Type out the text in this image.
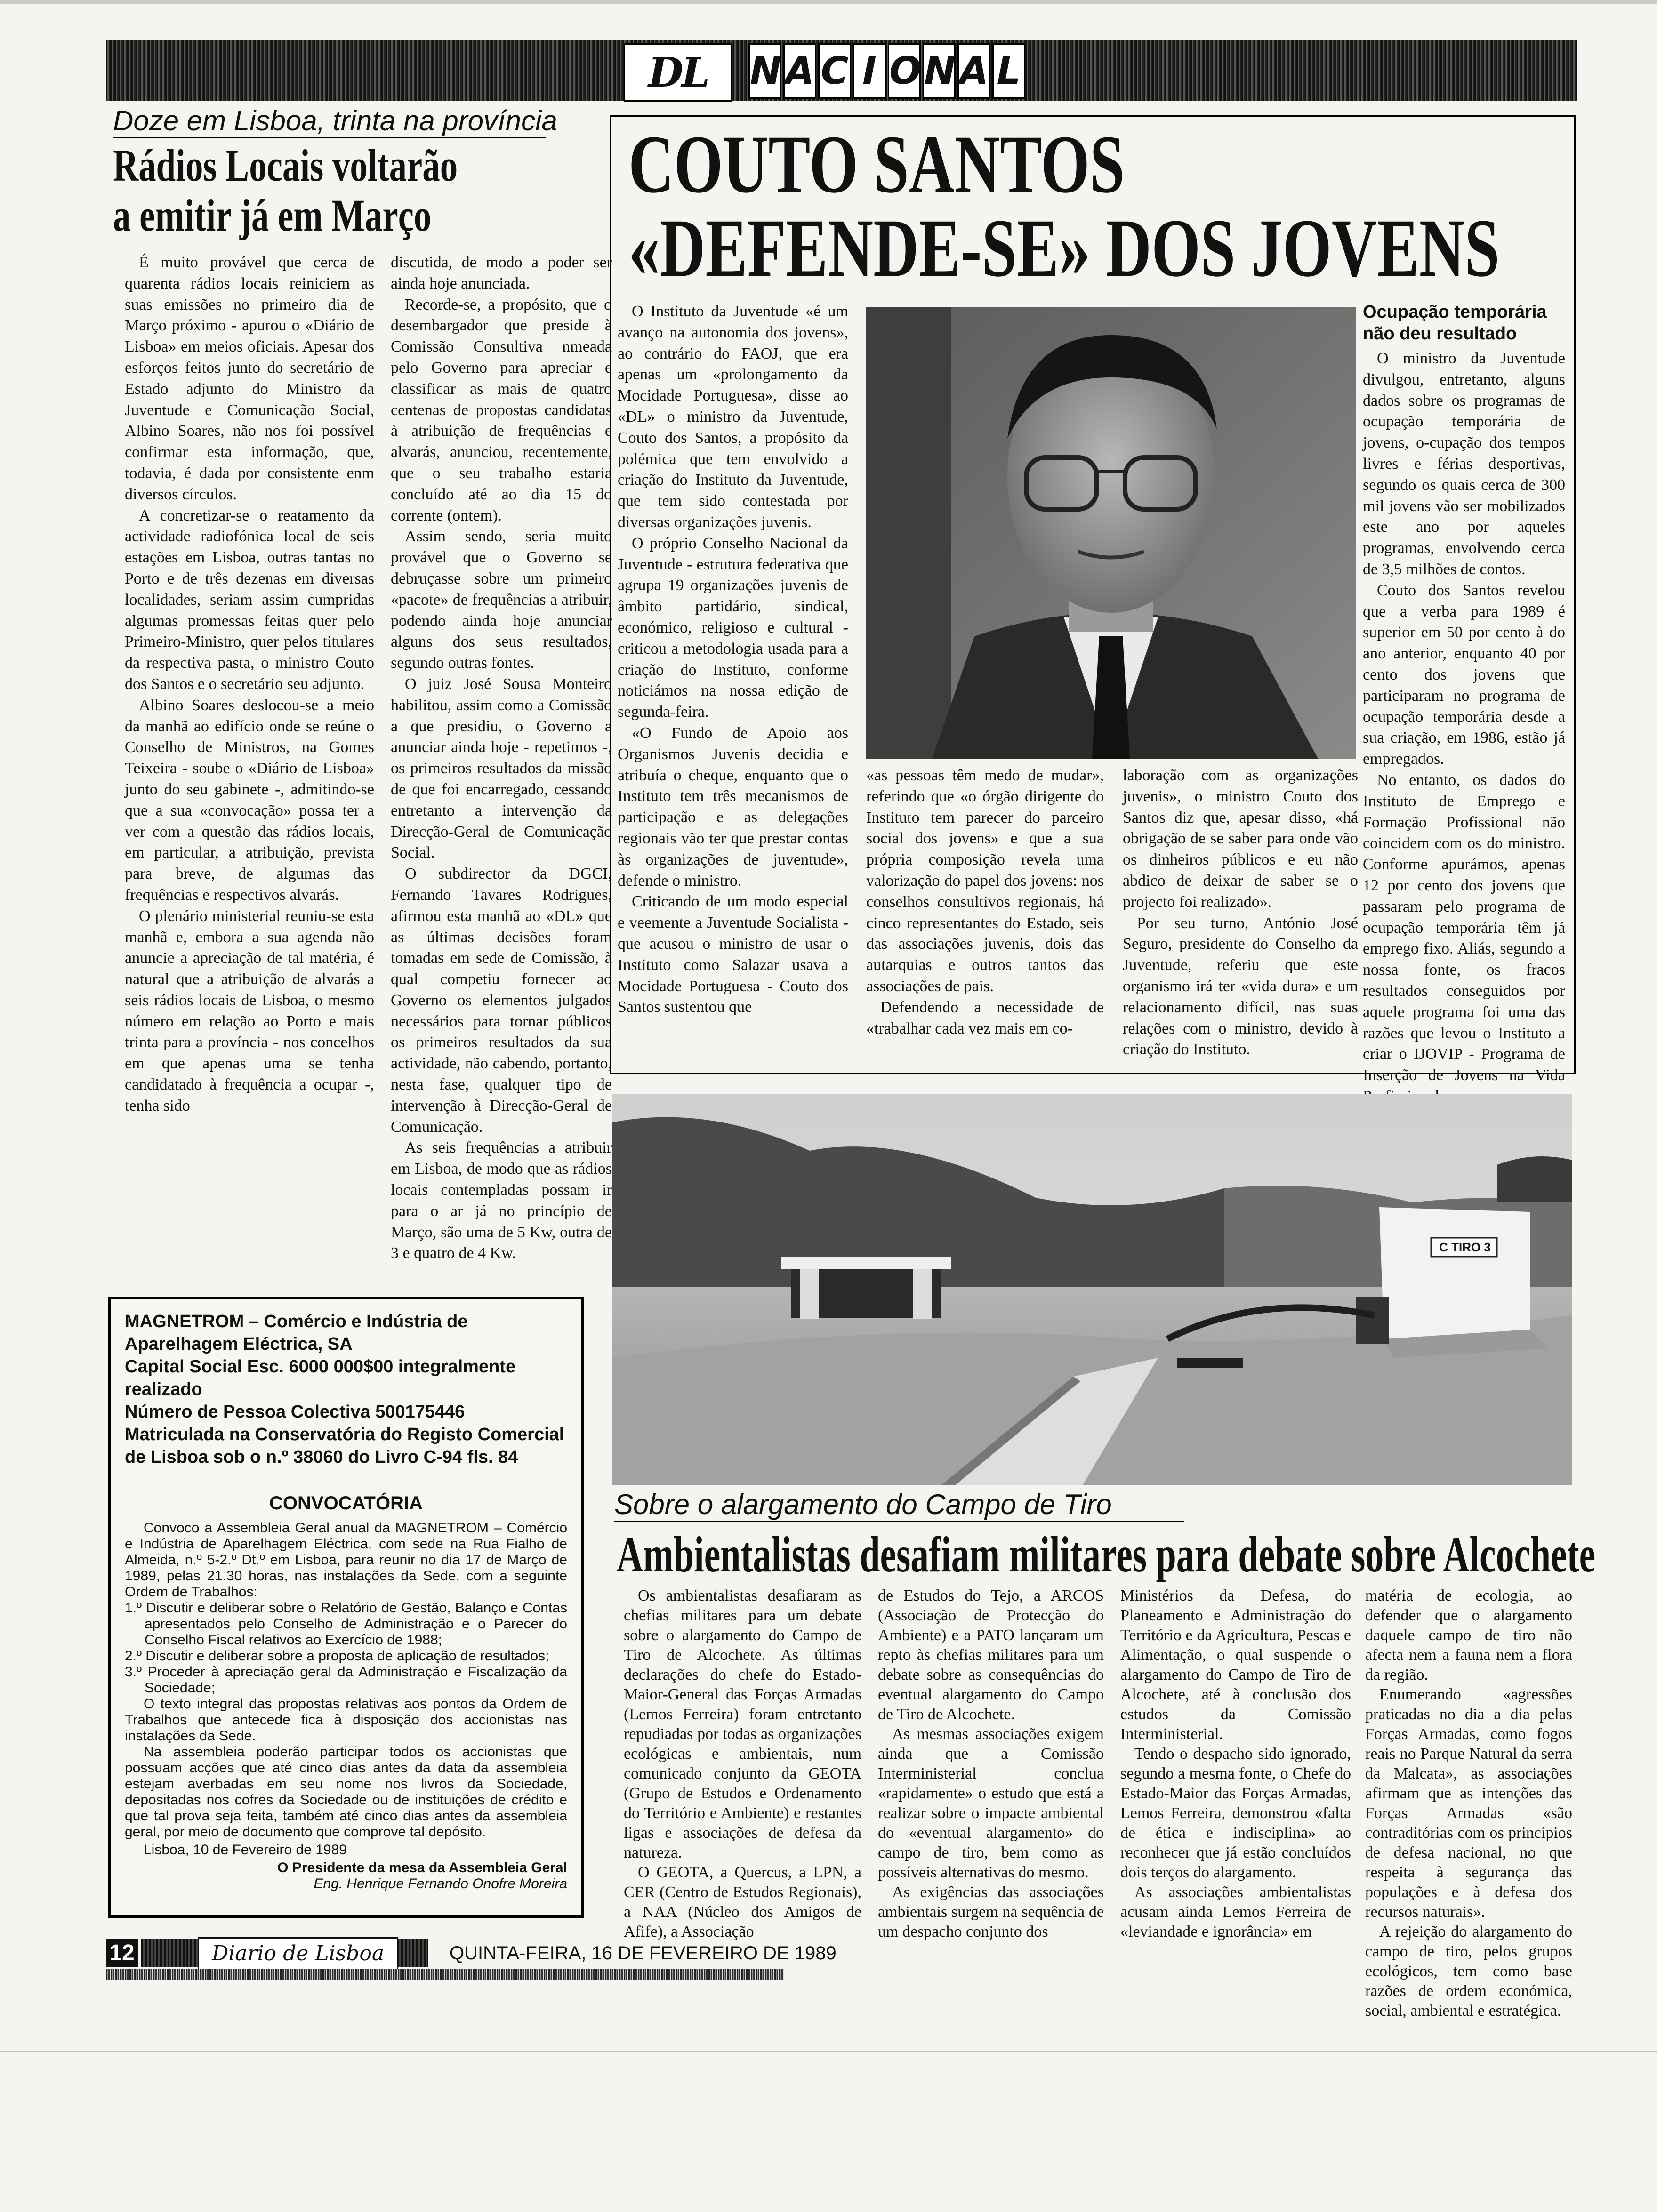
DL	N A C I O N A L
Doze em Lisboa, trinta na província
Rádios Locais voltarão
a emitir já em Março

É muito provável que cerca de quarenta rádios locais reiniciem as suas emissões no primeiro dia de Março próximo - apurou o «Diário de Lisboa» em meios oficiais. Apesar dos esforços feitos junto do secretário de Estado adjunto do Ministro da Juventude e Comunicação Social, Albino Soares, não nos foi possível confirmar esta informação, que, todavia, é dada por consistente enm diversos círculos.

A concretizar-se o reatamento da actividade radiofónica local de seis estações em Lisboa, outras tantas no Porto e de três dezenas em diversas localidades, seriam assim cumpridas algumas promessas feitas quer pelo Primeiro-Ministro, quer pelos titulares da respectiva pasta, o ministro Couto dos Santos e o secretário seu adjunto.

Albino Soares deslocou-se a meio da manhã ao edifício onde se reúne o Conselho de Ministros, na Gomes Teixeira - soube o «Diário de Lisboa» junto do seu gabinete -, admitindo-se que a sua «convocação» possa ter a ver com a questão das rádios locais, em particular, a atribuição, prevista para breve, de algumas das frequências e respectivos alvarás.

O plenário ministerial reuniu-se esta manhã e, embora a sua agenda não anuncie a apreciação de tal matéria, é natural que a atribuição de alvarás a seis rádios locais de Lisboa, o mesmo número em relação ao Porto e mais trinta para a província - nos concelhos em que apenas uma se tenha candidatado à frequência a ocupar -, tenha sido

discutida, de modo a poder ser ainda hoje anunciada.

Recorde-se, a propósito, que o desembargador que preside à Comissão Consultiva nmeada pelo Governo para apreciar e classificar as mais de quatro centenas de propostas candidatas à atribuição de frequências e alvarás, anunciou, recentemente, que o seu trabalho estaria concluído até ao dia 15 do corrente (ontem).

Assim sendo, seria muito provável que o Governo se debruçasse sobre um primeiro «pacote» de frequências a atribuir, podendo ainda hoje anunciar alguns dos seus resultados, segundo outras fontes.

O juiz José Sousa Monteiro habilitou, assim como a Comissão a que presidiu, o Governo a anunciar ainda hoje - repetimos -, os primeiros resultados da missão de que foi encarregado, cessando entretanto a intervenção da Direcção-Geral de Comunicação Social.

O subdirector da DGCI, Fernando Tavares Rodrigues, afirmou esta manhã ao «DL» que as últimas decisões foram tomadas em sede de Comissão, à qual competiu fornecer ao Governo os elementos julgados necessários para tornar públicos os primeiros resultados da sua actividade, não cabendo, portanto, nesta fase, qualquer tipo de intervenção à Direcção-Geral de Comunicação.

As seis frequências a atribuir em Lisboa, de modo que as rádios locais contempladas possam ir para o ar já no princípio de Março, são uma de 5 Kw, outra de 3 e quatro de 4 Kw.

COUTO SANTOS
«DEFENDE-SE» DOS JOVENS

O Instituto da Juventude «é um avanço na autonomia dos jovens», ao contrário do FAOJ, que era apenas um «prolongamento da Mocidade Portuguesa», disse ao «DL» o ministro da Juventude, Couto dos Santos, a propósito da polémica que tem envolvido a criação do Instituto da Juventude, que tem sido contestada por diversas organizações juvenis.

O próprio Conselho Nacional da Juventude - estrutura federativa que agrupa 19 organizações juvenis de âmbito partidário, sindical, económico, religioso e cultural - criticou a metodologia usada para a criação do Instituto, conforme noticiámos na nossa edição de segunda-feira.

«O Fundo de Apoio aos Organismos Juvenis decidia e atribuía o cheque, enquanto que o Instituto tem três mecanismos de participação e as delegações regionais vão ter que prestar contas às organizações de juventude», defende o ministro.

Criticando de um modo especial e veemente a Juventude Socialista - que acusou o ministro de usar o Instituto como Salazar usava a Mocidade Portuguesa - Couto dos Santos sustentou que

«as pessoas têm medo de mudar», referindo que «o órgão dirigente do Instituto tem parecer do parceiro social dos jovens» e que a sua própria composição revela uma valorização do papel dos jovens: nos conselhos consultivos regionais, há cinco representantes do Estado, seis das associações juvenis, dois das autarquias e outros tantos das associações de pais.

Defendendo a necessidade de «trabalhar cada vez mais em co-

laboração com as organizações juvenis», o ministro Couto dos Santos diz que, apesar disso, «há obrigação de se saber para onde vão os dinheiros públicos e eu não abdico de deixar de saber se o projecto foi realizado».

Por seu turno, António José Seguro, presidente do Conselho da Juventude, referiu que este organismo irá ter «vida dura» e um relacionamento difícil, nas suas relações com o ministro, devido à criação do Instituto.

Ocupação temporária
não deu resultado

O ministro da Juventude divulgou, entretanto, alguns dados sobre os programas de ocupação temporária de jovens, o-cupação dos tempos livres e férias desportivas, segundo os quais cerca de 300 mil jovens vão ser mobilizados este ano por aqueles programas, envolvendo cerca de 3,5 milhões de contos.

Couto dos Santos revelou que a verba para 1989 é superior em 50 por cento à do ano anterior, enquanto 40 por cento dos jovens que participaram no programa de ocupação temporária desde a sua criação, em 1986, estão já empregados.

No entanto, os dados do Instituto de Emprego e Formação Profissional não coincidem com os do ministro. Conforme apurámos, apenas 12 por cento dos jovens que passaram pelo programa de ocupação temporária têm já emprego fixo. Aliás, segundo a nossa fonte, os fracos resultados conseguidos por aquele programa foi uma das razões que levou o Instituto a criar o IJOVIP - Programa de Inserção de Jovens na Vida

C TIRO 3
Sobre o alargamento do Campo de Tiro
Ambientalistas desafiam militares para debate sobre Alcochete

Os ambientalistas desafiaram as chefias militares para um debate sobre o alargamento do Campo de Tiro de Alcochete. As últimas declarações do chefe do Estado-Maior-General das Forças Armadas (Lemos Ferreira) foram entretanto repudiadas por todas as organizações ecológicas e ambientais, num comunicado conjunto da GEOTA (Grupo de Estudos e Ordenamento do Território e Ambiente) e restantes ligas e associações de defesa da natureza.

O GEOTA, a Quercus, a LPN, a CER (Centro de Estudos Regionais), a NAA (Núcleo dos Amigos de Afife), a Associação

de Estudos do Tejo, a ARCOS (Associação de Protecção do Ambiente) e a PATO lançaram um repto às chefias militares para um debate sobre as consequências do eventual alargamento do Campo de Tiro de Alcochete.

As mesmas associações exigem ainda que a Comissão Interministerial conclua «rapidamente» o estudo que está a realizar sobre o impacte ambiental do «eventual alargamento» do campo de tiro, bem como as possíveis alternativas do mesmo.

As exigências das associações ambientais surgem na sequência de um despacho conjunto dos

Ministérios da Defesa, do Planeamento e Administração do Território e da Agricultura, Pescas e Alimentação, o qual suspende o alargamento do Campo de Tiro de Alcochete, até à conclusão dos estudos da Comissão Interministerial.

Tendo o despacho sido ignorado, segundo a mesma fonte, o Chefe do Estado-Maior das Forças Armadas, Lemos Ferreira, demonstrou «falta de ética e indisciplina» ao reconhecer que já estão concluídos dois terços do alargamento.

As associações ambientalistas acusam ainda Lemos Ferreira de «leviandade e ignorância» em

matéria de ecologia, ao defender que o alargamento daquele campo de tiro não afecta nem a fauna nem a flora da região.

Enumerando «agressões praticadas no dia a dia pelas Forças Armadas, como fogos reais no Parque Natural da serra da Malcata», as associações afirmam que as intenções das Forças Armadas «são contraditórias com os princípios de defesa nacional, no que respeita à segurança das populações e à defesa dos recursos naturais».

A rejeição do alargamento do campo de tiro, pelos grupos ecológicos, tem como base razões de ordem económica, social, ambiental e estratégica.

MAGNETROM – Comércio e Indústria de Aparelhagem Eléctrica, SA
Capital Social Esc. 6000 000$00 integralmente realizado
Número de Pessoa Colectiva 500175446
Matriculada na Conservatória do Registo Comercial
de Lisboa sob o n.º 38060 do Livro C-94 fls. 84
CONVOCATÓRIA
Convoco a Assembleia Geral anual da MAGNETROM – Comércio e Indústria de Aparelhagem Eléctrica, com sede na Rua Fialho de Almeida, n.º 5-2.º Dt.º em Lisboa, para reunir no dia 17 de Março de 1989, pelas 21.30 horas, nas instalações da Sede, com a seguinte Ordem de Trabalhos:
1.º Discutir e deliberar sobre o Relatório de Gestão, Balanço e Contas apresentados pelo Conselho de Administração e o Parecer do Conselho Fiscal relativos ao Exercício de 1988;
2.º Discutir e deliberar sobre a proposta de aplicação de resultados;
3.º Proceder à apreciação geral da Administração e Fiscalização da Sociedade;
O texto integral das propostas relativas aos pontos da Ordem de Trabalhos que antecede fica à disposição dos accionistas nas instalações da Sede.
Na assembleia poderão participar todos os accionistas que possuam acções que até cinco dias antes da data da assembleia estejam averbadas em seu nome nos livros da Sociedade, depositadas nos cofres da Sociedade ou de instituições de crédito e que tal prova seja feita, também até cinco dias antes da assembleia geral, por meio de documento que comprove tal depósito.
Lisboa, 10 de Fevereiro de 1989
O Presidente da mesa da Assembleia Geral
Eng. Henrique Fernando Onofre Moreira
12	Diario de Lisboa	QUINTA-FEIRA, 16 DE FEVEREIRO DE 1989
